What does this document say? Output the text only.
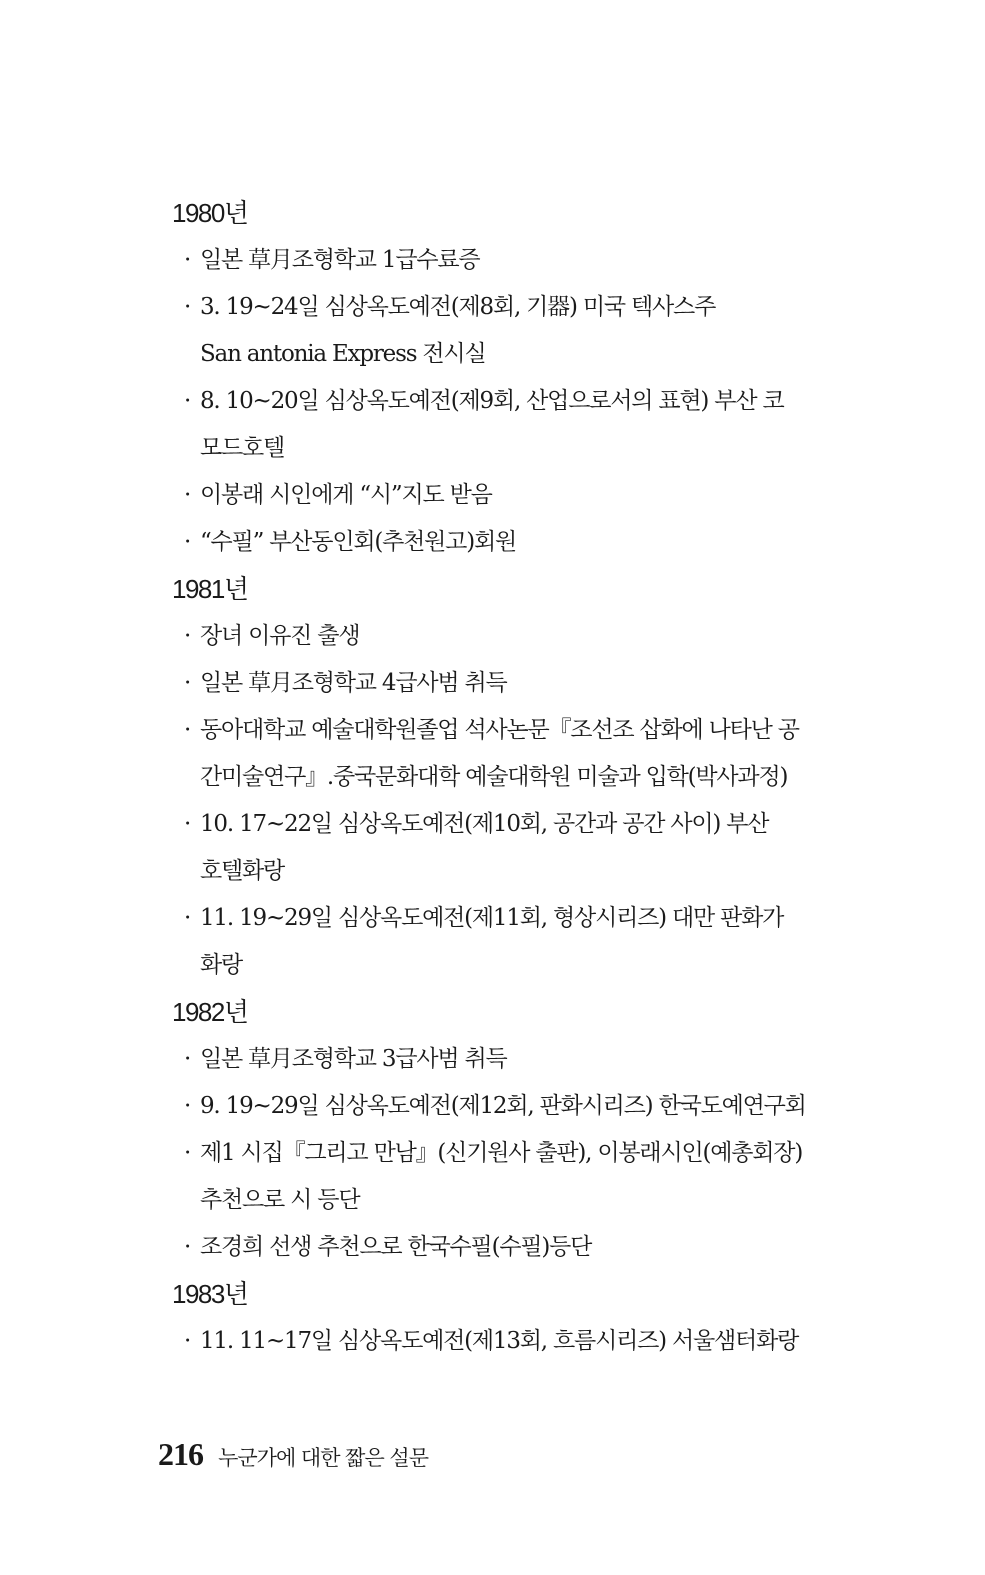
1980년
· 일본 草月조형학교 1급수료증
· 3. 19~24일 심상옥도예전(제8회, 기器) 미국 텍사스주
San antonia Express 전시실
· 8. 10~20일 심상옥도예전(제9회, 산업으로서의 표현) 부산 코
모드호텔
· 이봉래 시인에게 “시”지도 받음
· “수필” 부산동인회(추천원고)회원
1981년
· 장녀 이유진 출생
· 일본 草月조형학교 4급사범 취득
· 동아대학교 예술대학원졸업 석사논문『조선조 삽화에 나타난 공
간미술연구』.중국문화대학 예술대학원 미술과 입학(박사과정)
· 10. 17~22일 심상옥도예전(제10회, 공간과 공간 사이) 부산
호텔화랑
· 11. 19~29일 심상옥도예전(제11회, 형상시리즈) 대만 판화가
화랑
1982년
· 일본 草月조형학교 3급사범 취득
· 9. 19~29일 심상옥도예전(제12회, 판화시리즈) 한국도예연구회
· 제1 시집『그리고 만남』(신기원사 출판), 이봉래시인(예총회장)
추천으로 시 등단
· 조경희 선생 추천으로 한국수필(수필)등단
1983년
· 11. 11~17일 심상옥도예전(제13회, 흐름시리즈) 서울샘터화랑
216 누군가에 대한 짧은 설문
